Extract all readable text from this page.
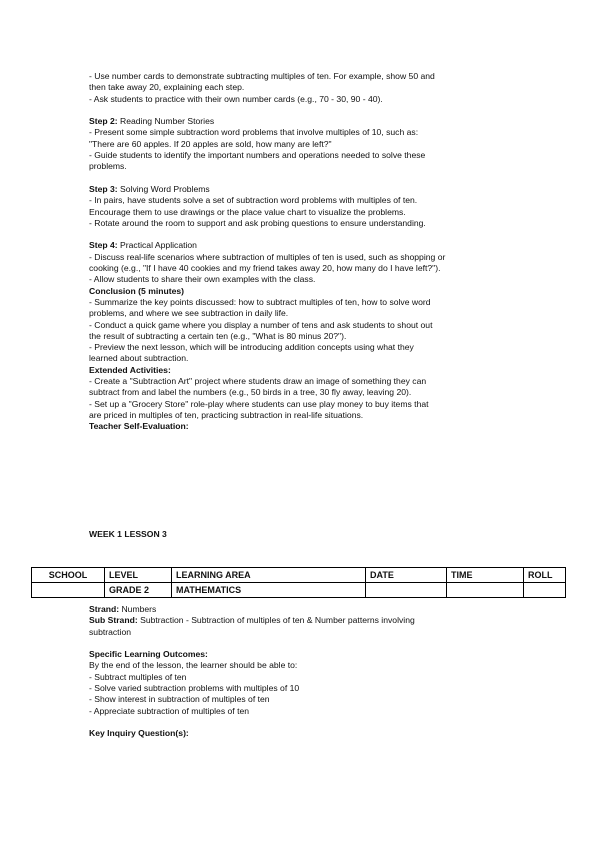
- Use number cards to demonstrate subtracting multiples of ten. For example, show 50 and

then take away 20, explaining each step.

- Ask students to practice with their own number cards (e.g., 70 - 30, 90 - 40).

Step 2: Reading Number Stories

- Present some simple subtraction word problems that involve multiples of 10, such as:

"There are 60 apples. If 20 apples are sold, how many are left?"

- Guide students to identify the important numbers and operations needed to solve these

problems.

Step 3: Solving Word Problems

- In pairs, have students solve a set of subtraction word problems with multiples of ten.

Encourage them to use drawings or the place value chart to visualize the problems.

- Rotate around the room to support and ask probing questions to ensure understanding.

Step 4: Practical Application

- Discuss real-life scenarios where subtraction of multiples of ten is used, such as shopping or

cooking (e.g., "If I have 40 cookies and my friend takes away 20, how many do I have left?").

- Allow students to share their own examples with the class.

Conclusion (5 minutes)

- Summarize the key points discussed: how to subtract multiples of ten, how to solve word

problems, and where we see subtraction in daily life.

- Conduct a quick game where you display a number of tens and ask students to shout out

the result of subtracting a certain ten (e.g., "What is 80 minus 20?").

- Preview the next lesson, which will be introducing addition concepts using what they

learned about subtraction.

Extended Activities:

- Create a "Subtraction Art" project where students draw an image of something they can

subtract from and label the numbers (e.g., 50 birds in a tree, 30 fly away, leaving 20).

- Set up a "Grocery Store" role-play where students can use play money to buy items that

are priced in multiples of ten, practicing subtraction in real-life situations.

Teacher Self-Evaluation:

WEEK 1 LESSON 3
SCHOOL	LEVEL	LEARNING AREA	DATE	TIME	ROLL
	GRADE 2	MATHEMATICS			

Strand: Numbers

Sub Strand: Subtraction - Subtraction of multiples of ten & Number patterns involving

subtraction

Specific Learning Outcomes:

By the end of the lesson, the learner should be able to:

- Subtract multiples of ten

- Solve varied subtraction problems with multiples of 10

- Show interest in subtraction of multiples of ten

- Appreciate subtraction of multiples of ten

Key Inquiry Question(s):
